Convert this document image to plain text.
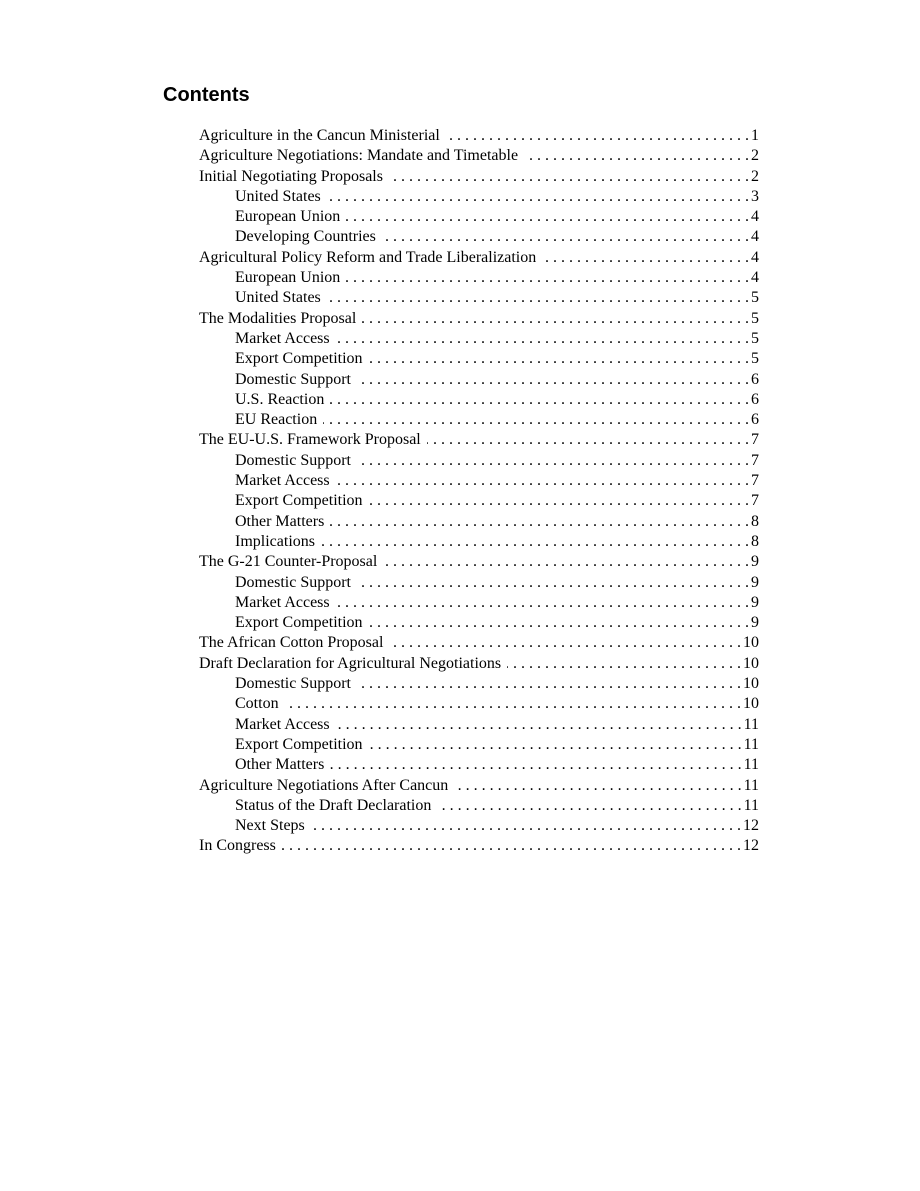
Contents
Agriculture in the Cancun Ministerial . . .	1
Agriculture Negotiations: Mandate and Timetable . . .	2
Initial Negotiating Proposals . . .	2
United States . . .	3
European Union . . .	4
Developing Countries . . .	4
Agricultural Policy Reform and Trade Liberalization . . .	4
European Union . . .	4
United States . . .	5
The Modalities Proposal . . .	5
Market Access . . .	5
Export Competition . . .	5
Domestic Support . . .	6
U.S. Reaction . . .	6
EU Reaction . . .	6
The EU-U.S. Framework Proposal . . .	7
Domestic Support . . .	7
Market Access . . .	7
Export Competition . . .	7
Other Matters . . .	8
Implications . . .	8
The G-21 Counter-Proposal . . .	9
Domestic Support . . .	9
Market Access . . .	9
Export Competition . . .	9
The African Cotton Proposal . . .	10
Draft Declaration for Agricultural Negotiations . . .	10
Domestic Support . . .	10
Cotton . . .	10
Market Access . . .	11
Export Competition . . .	11
Other Matters . . .	11
Agriculture Negotiations After Cancun . . .	11
Status of the Draft Declaration . . .	11
Next Steps . . .	12
In Congress . . .	12
